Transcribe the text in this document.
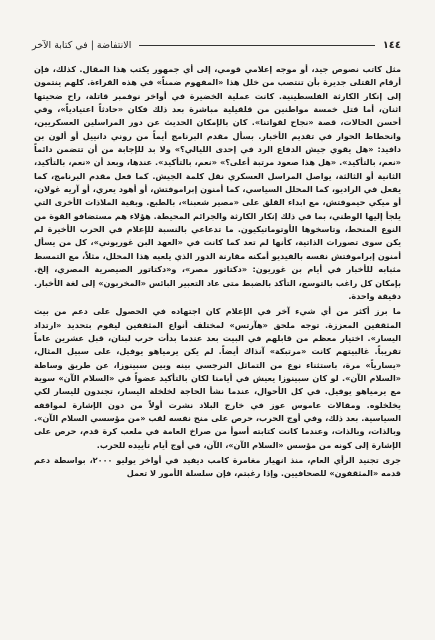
١٤٤
الانتفاضة | في كتابة الآخر

مثل كاتب نصوص جيد، أو موجه إعلامي قومي، إلى أي جمهور يكتب هذا المقال. كذلك، فإن أرقام القتلى جديرة بأن تنتصب من خلل هذا «المفهوم ضمناً» في هذه القراءة. كلهم ينتمون إلى إنكار الكارثة الفلسطينية. كانت عملية الخضيرة في أواخر نوفمبر قاتلة، راح ضحيتها اثنان، أما قتل خمسة مواطنين من قلقيلية مباشرة بعد ذلك فكان «حادثاً اعتيادياً»، وفي أحسن الحالات، قصة «نجاح لقواتنا». كان بالإمكان الحديث عن دور المراسلين العسكريين، وانحطاط الحوار في تقديم الأخبار. بسأل مقدم البرنامج أيماً من روني دانييل أو ألون بن دافيد: «هل يقوي جيش الدفاع الرد في إحدى الليالي؟» ولا بد للإجابة من أن تتضمن دائماً «نعم، بالتأكيد». «هل هذا صعود مرتبة أعلى؟» «نعم، بالتأكيد». عندها، وبعد أن «نعم، بالتأكيد، الثانية أو الثالثة، يواصل المراسل العسكري نقل كلمة الجيش. كما فعل مقدم البرنامج، كما يفعل في الراديو، كما المحلل السياسي، كما أمنون إبراموفتش، أو أهود يعري، أو آريه غولان، أو ميكي حيموفتش، مع ابداء القلق على «مصير شعبنا»، بالطبع. وبقية الملاذات الأخرى التي يلجأ إليها الوطني، بما في ذلك إنكار الكارثة والجرائم المحيطة. هؤلاء هم مستضافو القوة من النوع المنحط، وتاسخوها الأوتوماتيكيون. ما تدعاعي بالنسبة للإعلام في الحرب الأخيرة لم يكن سوى تصورات الذاتية، كأنها لم تعد كما كانت في «العهد البن غوريوني»، كل من يسأل أمنون إبراموفتش نفسه بالفيديو أمكنه مقارنة الدور الذي يلعبه هذا المحلل، مثلاً، مع التمسط مثبابه للأخبار في أيام بن غوريون: «دكتاتور مصر»، و«دكتاتور الصيصرية المصري، إلخ. بإمكان كل راغب بالتوسع، التأكد بالضبط متى عاد التعبير البائس «المخربون» إلى لغة الأخبار. دقيقة واحدة.

ما برز أكثر من أي شيء آخر في الإعلام كان اجتهاده في الحصول على دعم من بيت المثقفين المعززة. توجه ملحق «هآرتس» لمختلف أنواع المثقفين ليقوم بتحديد «ارتداد اليسار». اختيار معظم من قابلهم في البيت بعد عندما بدأت حرب لبنان، قبل عشرين عاماً تقريباً. غالبيتهم كانت «مرتبكة» آنذاك أيضاً. لم يكن يرمياهو يوفيل، على سبيل المثال، «يسارياً» مرة، باستثناء نوع من التماثل النرجسي بينه وبين سبينوزا، عن طريق وساطة «السلام الآن». لو كان سبينوزا يعيش في أيامنا لكان بالتأكيد عضواً في «السلام الآن» سوية مع يرمياهو يوفيل. في كل الأحوال، عندما نشأ الحاجة لخلخلة اليسار، تجندون لليسار لكي يخلخلوه. ومقالات عاموس عوز في خارج البلاد نشرت أولاً من دون الإشارة لمواقفه السياسية. بعد ذلك، وفي أوج الحرب، حرص على منح نفسه لقب «من مؤسسي السلام الآن». وبالذات، وبالذات، وعندما كانت كتابته أسوأ من صراخ العامة في ملعب كرة قدم، حرص على الإشارة إلى كونه من مؤسس «السلام الآن»، الآن، في أوج أيام تأييده للحرب.

جرى تجنيد الرأي العام، منذ انهيار مغامرة كامب ديفيد في أواخر يوليو ٢٠٠٠، بواسطة دعم قدمه «المثقفون» للصحافيين. وإذا رغبتم، فإن سلسلة الأمور لا تعمل
